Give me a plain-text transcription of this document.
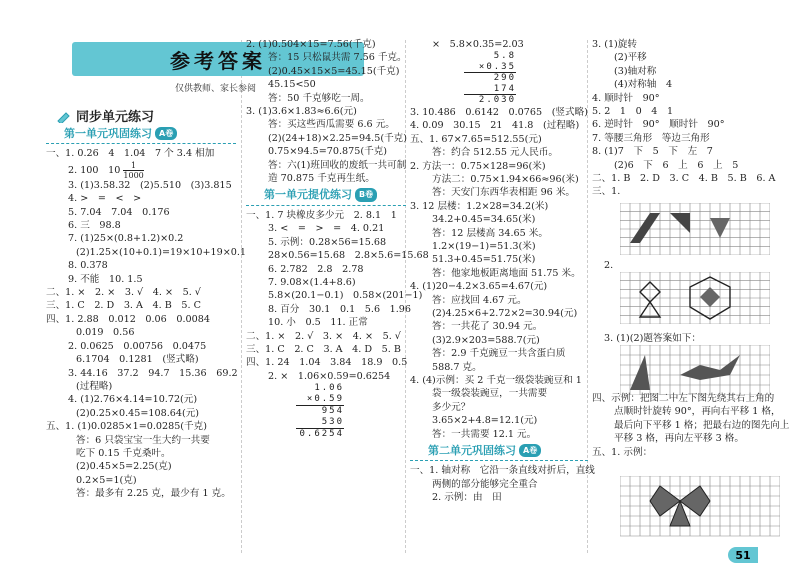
参考答案
仅供教师、家长参阅
同步单元练习
第一单元巩固练习 A卷
一、1. 0.26　4　1.04　7 个 3.4 相加
2. 100　$10 \frac{1}{1000}$
3. (1)3.58.32　(2)5.510　(3)3.815
4. >　=　<　>
5. 7.04　7.04　0.176
6. 三　98.8
7. (1)25×(0.8+1.2)×0.2
(2)1.25×(10+0.1)=19×10+19×0.1
8. 0.378
9. 不能　10. 1.5
二、1. ×　2. ×　3. √　4. ×　5. √
三、1. C　2. D　3. A　4. B　5. C
四、1. 2.88　0.012　0.06　0.0084
0.019　0.56
2. 0.0625　0.00756　0.0475
6.1704　0.1281　(竖式略)
3. 44.16　37.2　94.7　15.36　69.2
(过程略)
4. (1)2.76×4.14=10.72(元)
(2)0.25×0.45=108.64(元)
五、1. (1)0.0285×1=0.0285(千克)
答：6 只袋宝宝一生大约一共要
吃下 0.15 千克桑叶。
(2)0.45×5=2.25(克)
0.2×5=1(克)
答：最多有 2.25 克，最少有 1 克。
2. (1)0.504×15=7.56(千克)
答：15 只松鼠共需 7.56 千克。
(2)0.45×15×5=45.15(千克)
45.15<50
答：50 千克够吃一周。
3. (1)3.6×1.83≈6.6(元)
答：买这些西瓜需要 6.6 元。
(2)(24+18)×2.25=94.5(千克)
0.75×94.5=70.875(千克)
答：六(1)班回收的废纸一共可制
造 70.875 千克再生纸。
第一单元提优练习 B卷
一、1. 7 块橡皮多少元　2. 8.1　1
3. <　=　>　=　4. 0.21
5. 示例：0.28×56=15.68
28×0.56=15.68　2.8×5.6=15.68
6. 2.782　2.8　2.78
7. 9.08×(1.4+8.6)
5.8×(20.1−0.1)　0.58×(201−1)
8. 百分　30.1　0.1　5.6　1.96
10. 小　0.5　11. 正常
二、1. ×　2. √　3. ×　4. ×　5. √
三、1. C　2. C　3. A　4. D　5. B
四、1. 24　1.04　3.84　18.9　0.5
2. ×　1.06×0.59=0.6254
1.06
×0.59
954
530
0.6254
×　5.8×0.35=2.03
5.8
×0.35
290
174
2.030
3. 10.486　0.6142　0.0765　(竖式略)
4. 0.09　30.15　21　41.8　(过程略)
五、1. 67×7.65=512.55(元)
答：约合 512.55 元人民币。
2. 方法一：0.75×128=96(米)
方法二：0.75×1.94×66≈96(米)
答：天安门东西华表相距 96 米。
3. 12 层楼：1.2×28=34.2(米)
34.2+0.45=34.65(米)
答：12 层楼高 34.65 米。
1.2×(19−1)=51.3(米)
51.3+0.45=51.75(米)
答：他家地板距离地面 51.75 米。
4. (1)20−4.2×3.65=4.67(元)
答：应找回 4.67 元。
(2)4.25×6+2.72×2=30.94(元)
答：一共花了 30.94 元。
(3)2.9×203=588.7(元)
答：2.9 千克豌豆一共含蛋白质
588.7 克。
4. (4)示例：买 2 千克一级袋装豌豆和 1
袋一级袋装豌豆，一共需要
多少元？
3.65×2+4.8=12.1(元)
答：一共需要 12.1 元。
第二单元巩固练习 A卷
一、1. 轴对称　它沿一条直线对折后，直线
两侧的部分能够完全重合
2. 示例：由　田
3. (1)旋转
(2)平移
(3)轴对称
(4)对称轴　4
4. 顺时针　90°
5. 2　1　0　4　1
6. 逆时针　90°　顺时针　90°
7. 等腰三角形　等边三角形
8. (1)7　下　5　下　左　7
(2)6　下　6　上　6　上　5
二、1. B　2. D　3. C　4. B　5. B　6. A
三、1.
2.
3. (1)(2)题答案如下：
四、示例：把图二中左下图先绕其右上角的
点顺时针旋转 90°，再向右平移 1 格，
最后向下平移 1 格；把最右边的图先向上
平移 3 格，再向左平移 3 格。
五、1. 示例：
51
